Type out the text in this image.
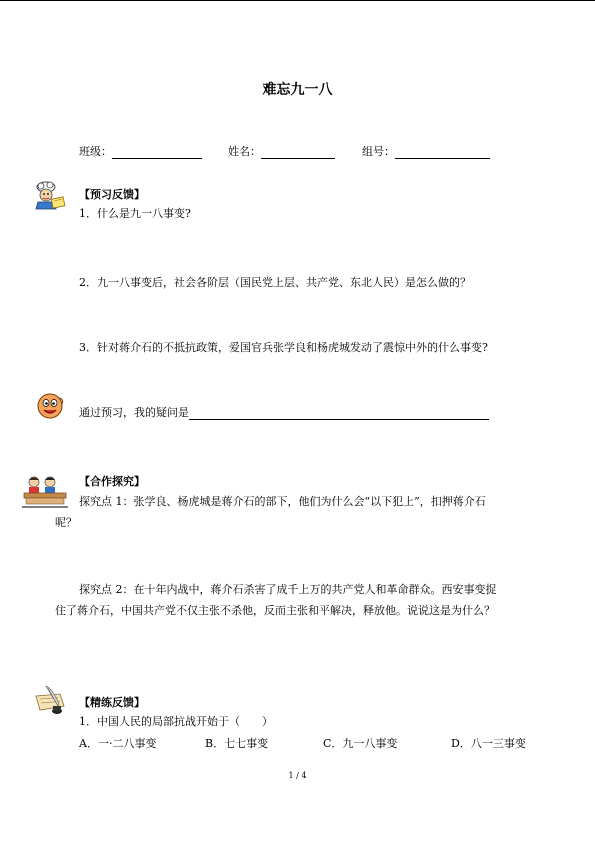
难忘九一八
班级：	姓名：	组号：
【预习反馈】
1．什么是九一八事变?
2．九一八事变后，社会各阶层（国民党上层、共产党、东北人民）是怎么做的？
3．针对蒋介石的不抵抗政策，爱国官兵张学良和杨虎城发动了震惊中外的什么事变?
通过预习，我的疑问是
【合作探究】
探究点 1：张学良、杨虎城是蒋介石的部下，他们为什么会“以下犯上”，扣押蒋介石
呢？
探究点 2：在十年内战中，蒋介石杀害了成千上万的共产党人和革命群众。西安事变捉
住了蒋介石，中国共产党不仅主张不杀他，反而主张和平解决，释放他。说说这是为什么？
【精练反馈】
1．中国人民的局部抗战开始于（　　）
A．一·二八事变	B．七七事变	C．九一八事变	D．八一三事变
1 / 4
